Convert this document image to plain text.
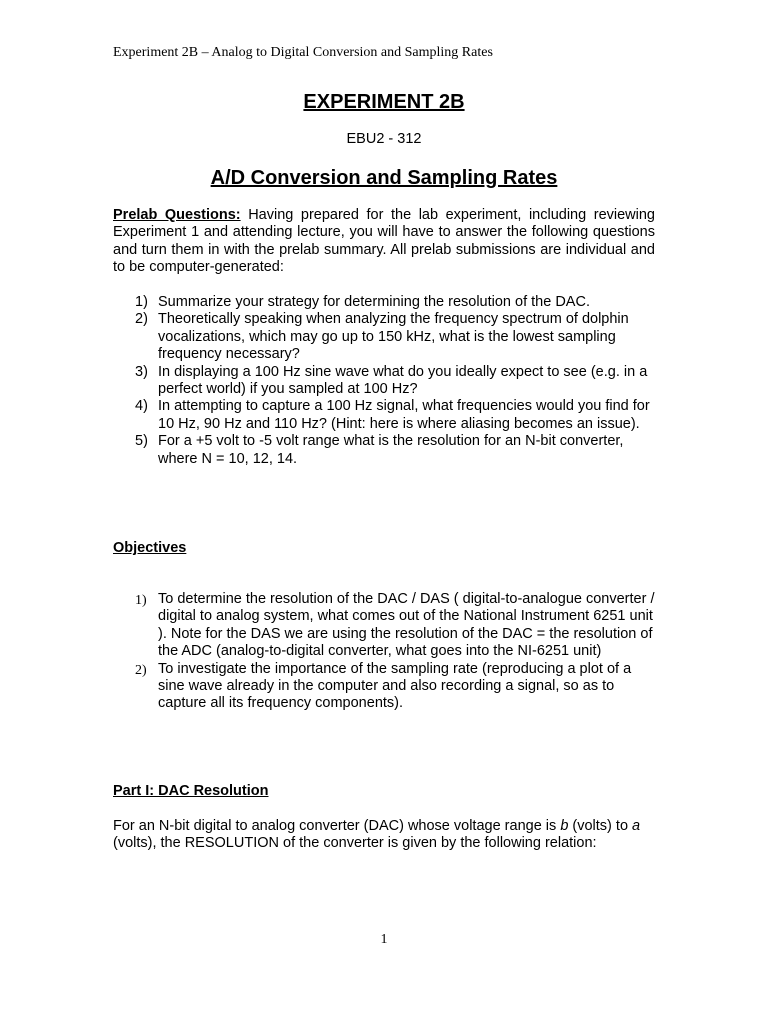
Experiment 2B – Analog to Digital Conversion and Sampling Rates
EXPERIMENT 2B
EBU2 - 312
A/D Conversion and Sampling Rates
Prelab Questions: Having prepared for the lab experiment, including reviewing Experiment 1 and attending lecture, you will have to answer the following questions and turn them in with the prelab summary. All prelab submissions are individual and to be computer-generated:
1) Summarize your strategy for determining the resolution of the DAC.
2) Theoretically speaking when analyzing the frequency spectrum of dolphin vocalizations, which may go up to 150 kHz, what is the lowest sampling frequency necessary?
3) In displaying a 100 Hz sine wave what do you ideally expect to see (e.g. in a perfect world) if you sampled at 100 Hz?
4) In attempting to capture a 100 Hz signal, what frequencies would you find for 10 Hz, 90 Hz and 110 Hz? (Hint: here is where aliasing becomes an issue).
5) For a +5 volt to -5 volt range what is the resolution for an N-bit converter, where N = 10, 12, 14.
Objectives
1) To determine the resolution of the DAC / DAS ( digital-to-analogue converter / digital to analog system, what comes out of the National Instrument 6251 unit ). Note for the DAS we are using the resolution of the DAC = the resolution of the ADC (analog-to-digital converter, what goes into the NI-6251 unit)
2) To investigate the importance of the sampling rate (reproducing a plot of a sine wave already in the computer and also recording a signal, so as to capture all its frequency components).
Part I: DAC Resolution
For an N-bit digital to analog converter (DAC) whose voltage range is b (volts) to a (volts), the RESOLUTION of the converter is given by the following relation:
1
